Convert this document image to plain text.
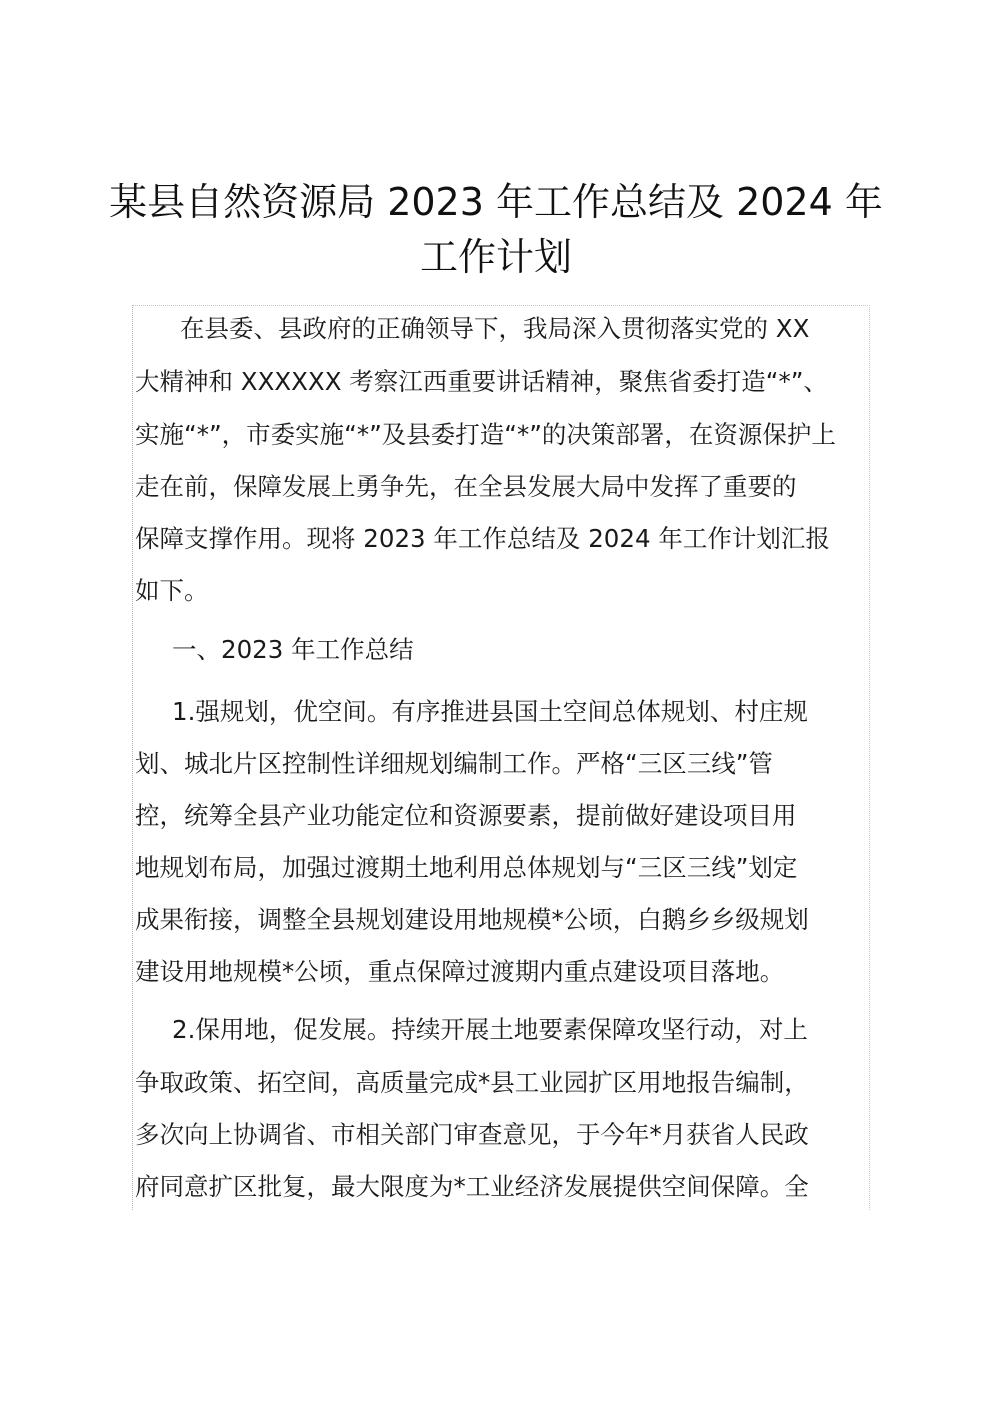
某县自然资源局 2023 年工作总结及 2024 年
工作计划
在县委、县政府的正确领导下，我局深入贯彻落实党的 XX
大精神和 XXXXXX 考察江西重要讲话精神，聚焦省委打造“*”、
实施“*”，市委实施“*”及县委打造“*”的决策部署，在资源保护上
走在前，保障发展上勇争先，在全县发展大局中发挥了重要的
保障支撑作用。现将 2023 年工作总结及 2024 年工作计划汇报
如下。
一、2023 年工作总结
1.强规划，优空间。有序推进县国土空间总体规划、村庄规
划、城北片区控制性详细规划编制工作。严格“三区三线”管
控，统筹全县产业功能定位和资源要素，提前做好建设项目用
地规划布局，加强过渡期土地利用总体规划与“三区三线”划定
成果衔接，调整全县规划建设用地规模*公顷，白鹅乡乡级规划
建设用地规模*公顷，重点保障过渡期内重点建设项目落地。
2.保用地，促发展。持续开展土地要素保障攻坚行动，对上
争取政策、拓空间，高质量完成*县工业园扩区用地报告编制，
多次向上协调省、市相关部门审查意见，于今年*月获省人民政
府同意扩区批复，最大限度为*工业经济发展提供空间保障。全
